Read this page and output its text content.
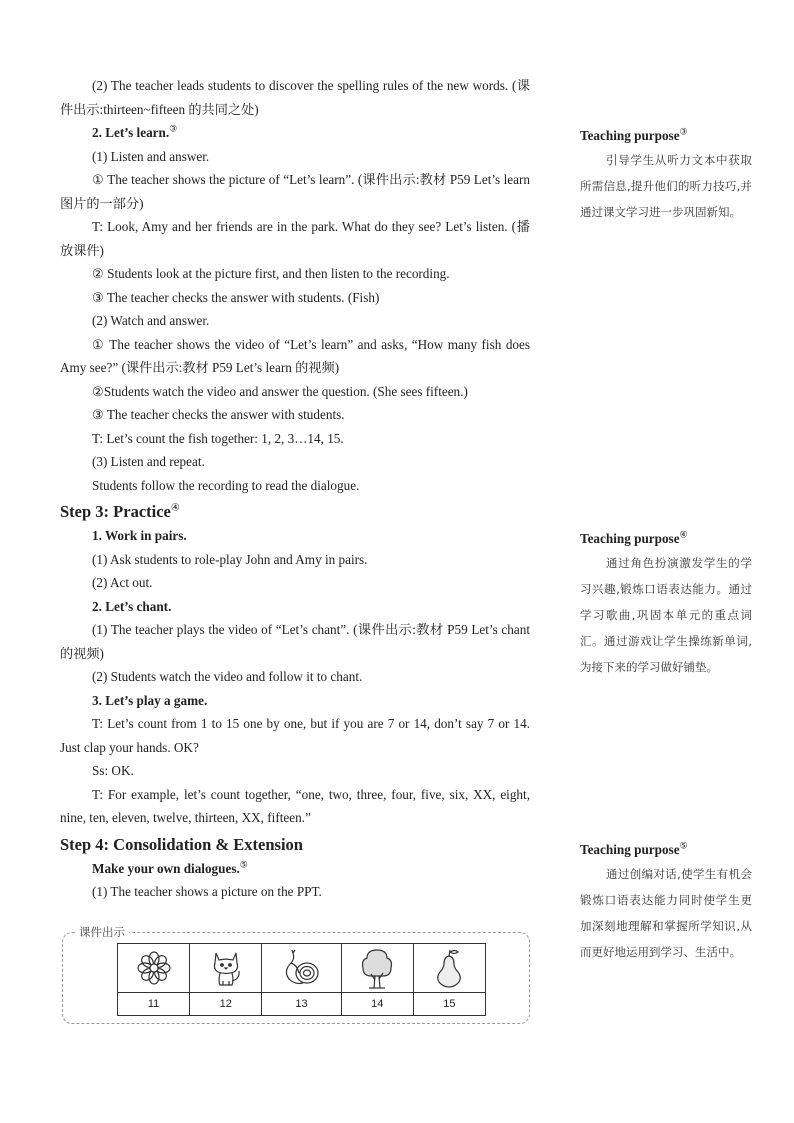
(2) The teacher leads students to discover the spelling rules of the new words. (课件出示:thirteen~fifteen 的共同之处)

2. Let’s learn.③

(1) Listen and answer.

① The teacher shows the picture of “Let’s learn”. (课件出示:教材 P59 Let’s learn 图片的一部分)

T: Look, Amy and her friends are in the park. What do they see? Let’s listen. (播放课件)

② Students look at the picture first, and then listen to the recording.

③ The teacher checks the answer with students. (Fish)

(2) Watch and answer.

① The teacher shows the video of “Let’s learn” and asks, “How many fish does Amy see?” (课件出示:教材 P59 Let’s learn 的视频)

②Students watch the video and answer the question. (She sees fifteen.)

③ The teacher checks the answer with students.

T: Let’s count the fish together: 1, 2, 3…14, 15.

(3) Listen and repeat.

Students follow the recording to read the dialogue.

Step 3: Practice④

1. Work in pairs.

(1) Ask students to role-play John and Amy in pairs.

(2) Act out.

2. Let’s chant.

(1) The teacher plays the video of “Let’s chant”. (课件出示:教材 P59 Let’s chant 的视频)

(2) Students watch the video and follow it to chant.

3. Let’s play a game.

T: Let’s count from 1 to 15 one by one, but if you are 7 or 14, don’t say 7 or 14. Just clap your hands. OK?

Ss: OK.

T: For example, let’s count together, “one, two, three, four, five, six, XX, eight, nine, ten, eleven, twelve, thirteen, XX, fifteen.”

Step 4: Consolidation & Extension

Make your own dialogues.⑤

(1) The teacher shows a picture on the PPT.

课件出示

11	12	13	14	15
Teaching purpose③
引导学生从听力文本中获取所需信息,提升他们的听力技巧,并通过课文学习进一步巩固新知。
Teaching purpose④
通过角色扮演激发学生的学习兴趣,锻炼口语表达能力。通过学习歌曲,巩固本单元的重点词汇。通过游戏让学生操练新单词,为接下来的学习做好铺垫。
Teaching purpose⑤
通过创编对话,使学生有机会锻炼口语表达能力同时使学生更加深刻地理解和掌握所学知识,从而更好地运用到学习、生活中。
